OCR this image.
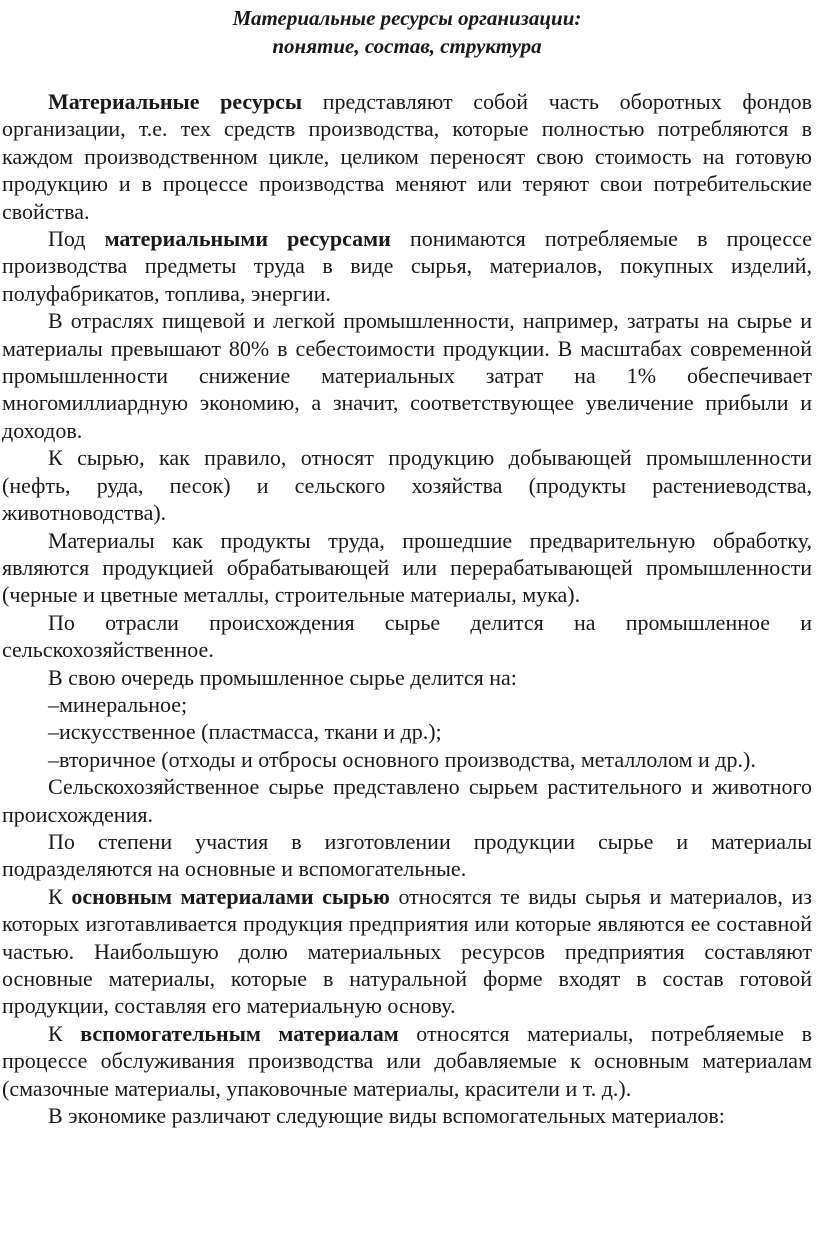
Материальные ресурсы организации:
понятие, состав, структура

Материальные ресурсы представляют собой часть оборотных фондов организации, т.е. тех средств производства, которые полностью потребляются в каждом производственном цикле, целиком переносят свою стоимость на готовую продукцию и в процессе производства меняют или теряют свои потребительские свойства.

Под материальными ресурсами понимаются потребляемые в процессе производства предметы труда в виде сырья, материалов, покупных изделий, полуфабрикатов, топлива, энергии.

В отраслях пищевой и легкой промышленности, например, затраты на сырье и материалы превышают 80% в себестоимости продукции. В масштабах современной промышленности снижение материальных затрат на 1% обеспечивает многомиллиардную экономию, а значит, соответствующее увеличение прибыли и доходов.

К сырью, как правило, относят продукцию добывающей промышленности (нефть, руда, песок) и сельского хозяйства (продукты растениеводства, животноводства).

Материалы как продукты труда, прошедшие предварительную обработку, являются продукцией обрабатывающей или перерабатывающей промышленности (черные и цветные металлы, строительные материалы, мука).

По отрасли происхождения сырье делится на промышленное и сельскохозяйственное.

В свою очередь промышленное сырье делится на:

–минеральное;

–искусственное (пластмасса, ткани и др.);

–вторичное (отходы и отбросы основного производства, металлолом и др.).

Сельскохозяйственное сырье представлено сырьем растительного и животного происхождения.

По степени участия в изготовлении продукции сырье и материалы подразделяются на основные и вспомогательные.

К основным материалами сырью относятся те виды сырья и материалов, из которых изготавливается продукция предприятия или которые являются ее составной частью. Наибольшую долю материальных ресурсов предприятия составляют основные материалы, которые в натуральной форме входят в состав готовой продукции, составляя его материальную основу.

К вспомогательным материалам относятся материалы, потребляемые в процессе обслуживания производства или добавляемые к основным материалам (смазочные материалы, упаковочные материалы, красители и т. д.).

В экономике различают следующие виды вспомогательных материалов:
